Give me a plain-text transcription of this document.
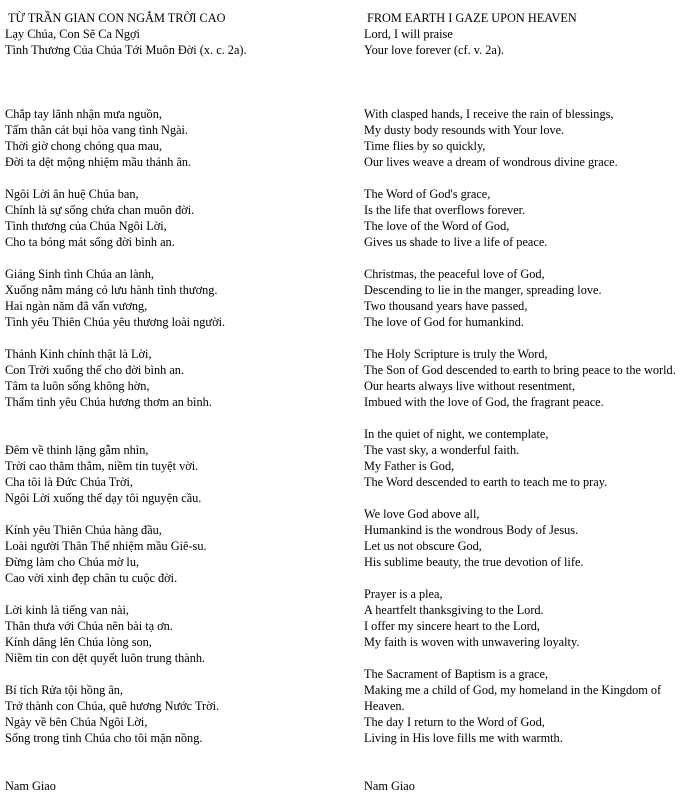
TỪ TRẦN GIAN CON NGẮM TRỜI CAO

Lạy Chúa, Con Sẽ Ca Ngợi

Tình Thương Của Chúa Tới Muôn Đời (x. c. 2a).

Chắp tay lãnh nhận mưa nguồn,

Tấm thân cát bụi hòa vang tình Ngài.

Thời giờ chong chóng qua mau,

Đời ta dệt mộng nhiệm mầu thánh ân.

Ngôi Lời ân huệ Chúa ban,

Chính là sự sống chứa chan muôn đời.

Tình thương của Chúa Ngôi Lời,

Cho ta bóng mát sống đời bình an.

Giáng Sinh tình Chúa an lành,

Xuống nằm máng cỏ lưu hành tình thương.

Hai ngàn năm đã vấn vương,

Tình yêu Thiên Chúa yêu thương loài người.

Thánh Kinh chính thật là Lời,

Con Trời xuống thế cho đời bình an.

Tâm ta luôn sống không hờn,

Thấm tình yêu Chúa hương thơm an bình.

Đêm về thinh lặng gẫm nhìn,

Trời cao thăm thẳm, niềm tin tuyệt vời.

Cha tôi là Đức Chúa Trời,

Ngôi Lời xuống thế dạy tôi nguyện cầu.

Kính yêu Thiên Chúa hàng đầu,

Loài người Thân Thể nhiệm mầu Giê-su.

Đừng làm cho Chúa mờ lu,

Cao vời xinh đẹp chân tu cuộc đời.

Lời kinh là tiếng van nài,

Thân thưa với Chúa nên bài tạ ơn.

Kính dâng lên Chúa lòng son,

Niềm tin con dệt quyết luôn trung thành.

Bí tích Rửa tội hồng ân,

Trở thành con Chúa, quê hương Nước Trời.

Ngày về bên Chúa Ngôi Lời,

Sống trong tình Chúa cho tôi mặn nồng.

Nam Giao

FROM EARTH I GAZE UPON HEAVEN

Lord, I will praise

Your love forever (cf. v. 2a).

With clasped hands, I receive the rain of blessings,

My dusty body resounds with Your love.

Time flies by so quickly,

Our lives weave a dream of wondrous divine grace.

The Word of God's grace,

Is the life that overflows forever.

The love of the Word of God,

Gives us shade to live a life of peace.

Christmas, the peaceful love of God,

Descending to lie in the manger, spreading love.

Two thousand years have passed,

The love of God for humankind.

The Holy Scripture is truly the Word,

The Son of God descended to earth to bring peace to the world.

Our hearts always live without resentment,

Imbued with the love of God, the fragrant peace.

In the quiet of night, we contemplate,

The vast sky, a wonderful faith.

My Father is God,

The Word descended to earth to teach me to pray.

We love God above all,

Humankind is the wondrous Body of Jesus.

Let us not obscure God,

His sublime beauty, the true devotion of life.

Prayer is a plea,

A heartfelt thanksgiving to the Lord.

I offer my sincere heart to the Lord,

My faith is woven with unwavering loyalty.

The Sacrament of Baptism is a grace,

Making me a child of God, my homeland in the Kingdom of Heaven.

The day I return to the Word of God,

Living in His love fills me with warmth.

Nam Giao
